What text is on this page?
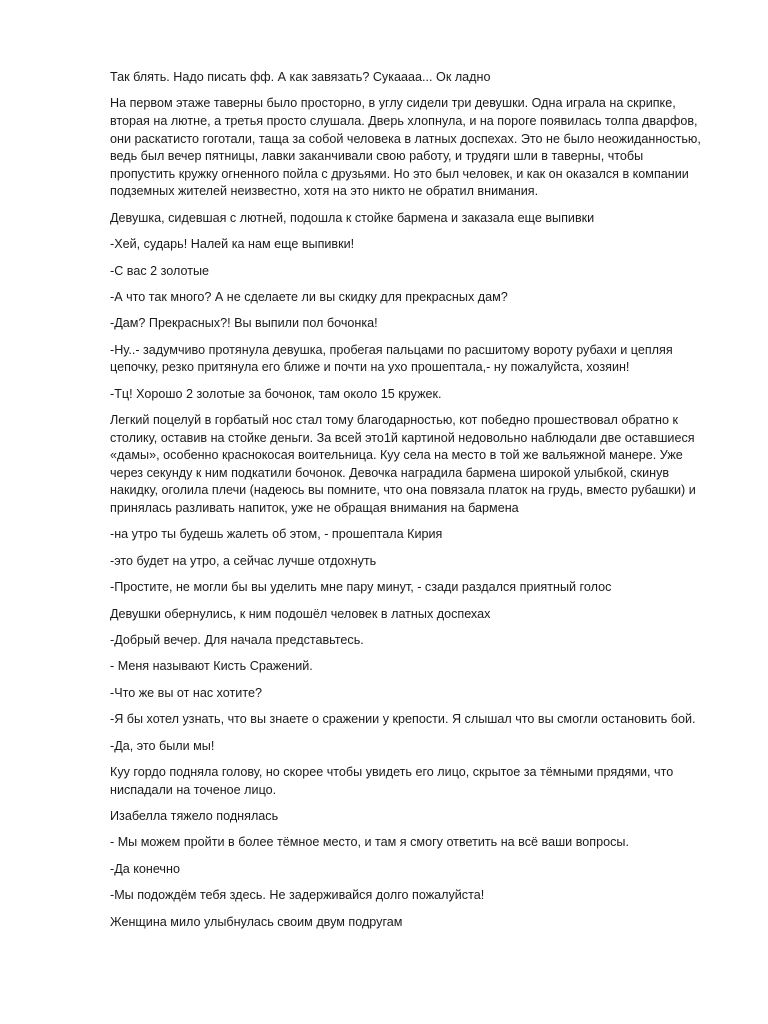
Так блять. Надо писать фф. А как завязать? Сукаааа... Ок ладно

На первом этаже таверны было просторно, в углу сидели три девушки. Одна играла на скрипке, вторая на лютне, а третья просто слушала. Дверь хлопнула, и на пороге появилась толпа дварфов, они раскатисто гоготали, таща за собой человека в латных доспехах. Это не было неожиданностью, ведь был вечер пятницы, лавки заканчивали свою работу, и трудяги шли в таверны, чтобы пропустить кружку огненного пойла с друзьями. Но это был человек, и как он оказался в компании подземных жителей неизвестно, хотя на это никто не обратил внимания.

Девушка, сидевшая с лютней, подошла к стойке бармена и заказала еще выпивки

-Хей, сударь! Налей ка нам еще выпивки!

-С вас 2 золотые

-А что так много? А не сделаете ли вы скидку для прекрасных дам?

-Дам? Прекрасных?! Вы выпили пол бочонка!

-Ну..- задумчиво протянула девушка, пробегая пальцами по расшитому вороту рубахи и цепляя цепочку, резко притянула его ближе и почти на ухо прошептала,- ну пожалуйста, хозяин!

-Тц! Хорошо 2 золотые за бочонок, там около 15 кружек.

Легкий поцелуй в горбатый нос стал тому благодарностью, кот победно прошествовал обратно к столику, оставив на стойке деньги. За всей это1й картиной недовольно наблюдали две оставшиеся «дамы», особенно краснокосая воительница. Куу села на место в той же вальяжной манере. Уже через секунду к ним подкатили бочонок. Девочка наградила бармена широкой улыбкой, скинув накидку, оголила плечи (надеюсь вы помните, что она повязала платок на грудь, вместо рубашки) и принялась разливать напиток, уже не обращая внимания на бармена

-на утро ты будешь жалеть об этом, - прошептала Кирия

-это будет на утро, а сейчас лучше отдохнуть

-Простите, не могли бы вы уделить мне пару минут, - сзади раздался приятный голос

Девушки обернулись, к ним подошёл человек в латных доспехах

-Добрый вечер. Для начала представьтесь.

- Меня называют Кисть Сражений.

-Что же вы от нас хотите?

-Я бы хотел узнать, что вы знаете о сражении у крепости. Я слышал что вы смогли остановить бой.

-Да, это были мы!

Куу гордо подняла голову, но скорее чтобы увидеть его лицо, скрытое за тёмными прядями, что ниспадали на точеное лицо.

Изабелла тяжело поднялась

- Мы можем пройти в более тёмное место, и там я смогу ответить на всё ваши вопросы.

-Да конечно

-Мы подождём тебя здесь. Не задерживайся долго пожалуйста!

Женщина мило улыбнулась своим двум подругам
